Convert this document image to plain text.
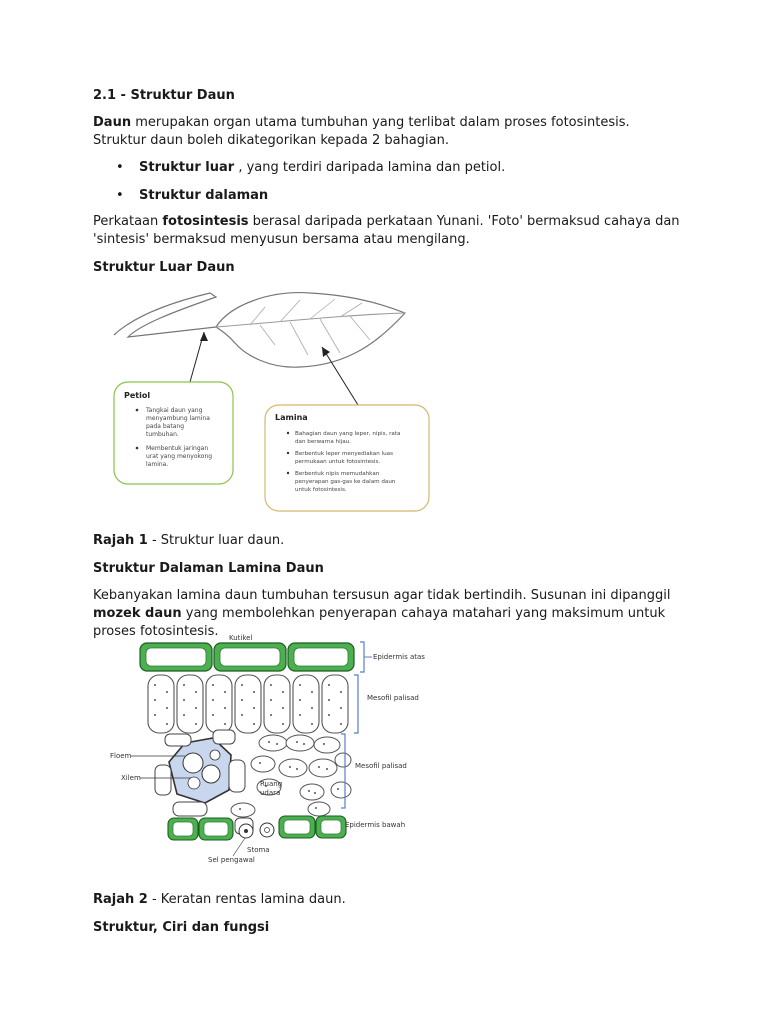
2.1 - Struktur Daun

Daun merupakan organ utama tumbuhan yang terlibat dalam proses fotosintesis. Struktur daun boleh dikategorikan kepada 2 bahagian.

• Struktur luar , yang terdiri daripada lamina dan petiol.

• Struktur dalaman

Perkataan fotosintesis berasal daripada perkataan Yunani. 'Foto' bermaksud cahaya dan 'sintesis' bermaksud menyusun bersama atau mengilang.

Struktur Luar Daun

Petiol
Tangkai daun yang menyambung lamina pada batang tumbuhan.
Membentuk jaringan urat yang menyokong lamina.
Lamina
Bahagian daun yang leper, nipis, rata dan berwarna hijau.
Berbentuk leper menyediakan luas permukaan untuk fotosintesis.
Berbentuk nipis memudahkan penyerapan gas-gas ke dalam daun untuk fotosintesis.

Rajah 1 - Struktur luar daun.

Struktur Dalaman Lamina Daun

Kebanyakan lamina daun tumbuhan tersusun agar tidak bertindih. Susunan ini dipanggil mozek daun yang membolehkan penyerapan cahaya matahari yang maksimum untuk proses fotosintesis.	Kutikel
Floem
Xilem
Ruang
udara
Stoma
Sel pengawal
Epidermis atas
Mesofil palisad
Mesofil palisad
Epidermis bawah

Rajah 2 - Keratan rentas lamina daun.

Struktur, Ciri dan fungsi
